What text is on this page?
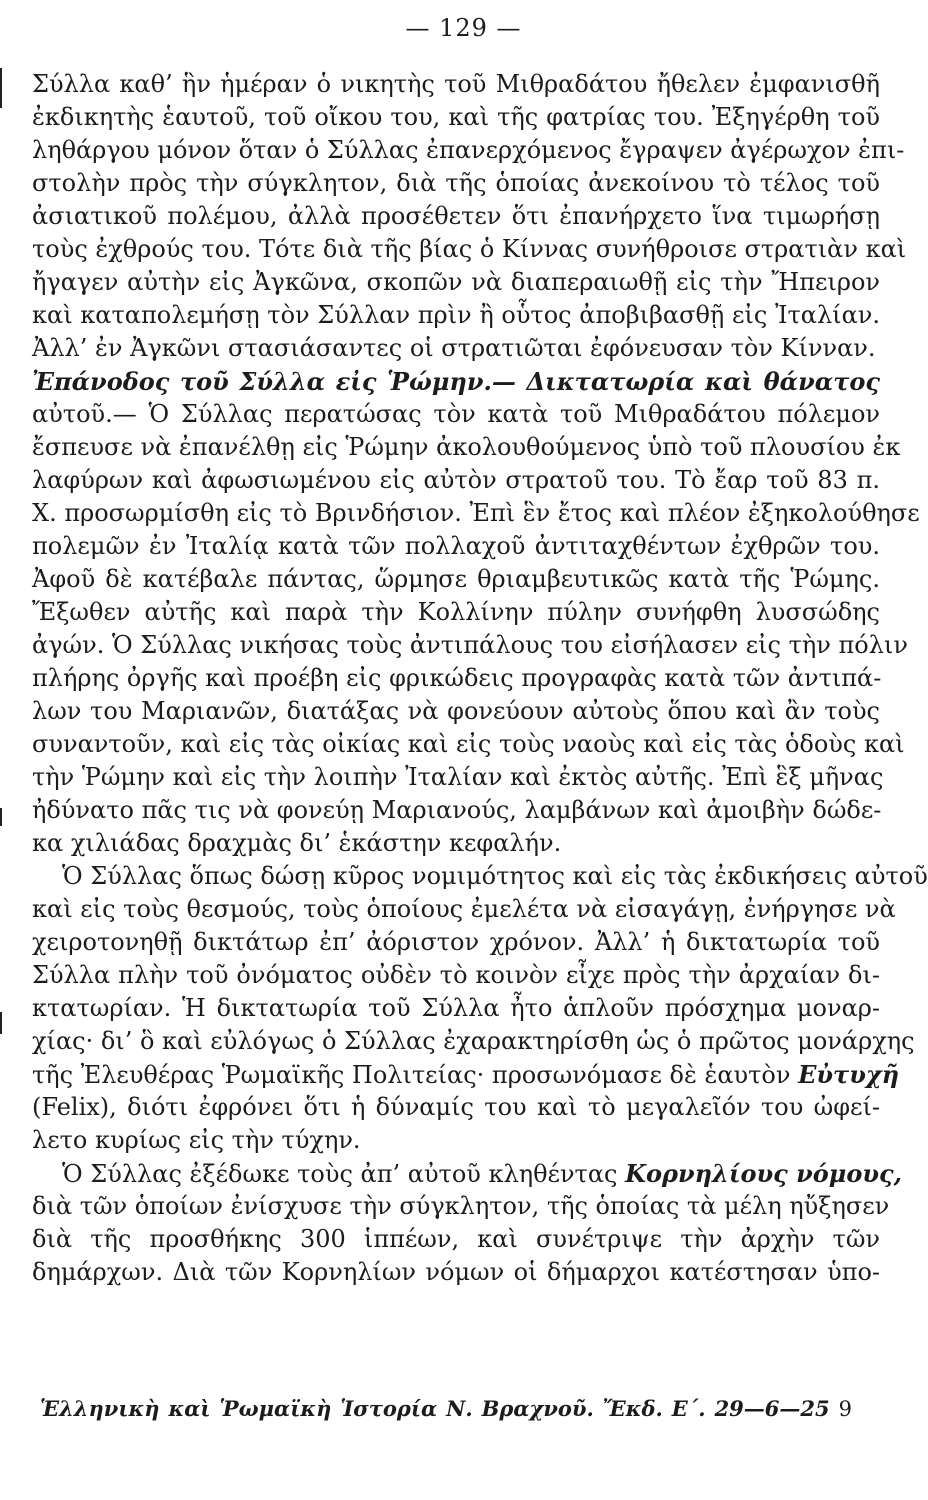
— 129 —
Σύλλα καθ’ ἣν ἡμέραν ὁ νικητὴς τοῦ Μιθραδάτου ἤθελεν ἐμφανισθῆ
ἐκδικητὴς ἑαυτοῦ, τοῦ οἴκου του, καὶ τῆς φατρίας του. Ἐξηγέρθη τοῦ
ληθάργου μόνον ὅταν ὁ Σύλλας ἐπανερχόμενος ἔγραψεν ἀγέρωχον ἐπι-
στολὴν πρὸς τὴν σύγκλητον, διὰ τῆς ὁποίας ἀνεκοίνου τὸ τέλος τοῦ
ἀσιατικοῦ πολέμου, ἀλλὰ προσέθετεν ὅτι ἐπανήρχετο ἵνα τιμωρήσῃ
τοὺς ἐχθρούς του. Τότε διὰ τῆς βίας ὁ Κίννας συνήθροισε στρατιὰν καὶ
ἤγαγεν αὐτὴν εἰς Ἀγκῶνα, σκοπῶν νὰ διαπεραιωθῇ εἰς τὴν Ἤπειρον
καὶ καταπολεμήσῃ τὸν Σύλλαν πρὶν ἢ οὗτος ἀποβιβασθῇ εἰς Ἰταλίαν.
Ἀλλ’ ἐν Ἀγκῶνι στασιάσαντες οἱ στρατιῶται ἐφόνευσαν τὸν Κίνναν.
Ἐπάνοδος τοῦ Σύλλα εἰς Ῥώμην.— Δικτατωρία καὶ θάνατος
αὐτοῦ.— Ὁ Σύλλας περατώσας τὸν κατὰ τοῦ Μιθραδάτου πόλεμον
ἔσπευσε νὰ ἐπανέλθῃ εἰς Ῥώμην ἀκολουθούμενος ὑπὸ τοῦ πλουσίου ἐκ
λαφύρων καὶ ἀφωσιωμένου εἰς αὐτὸν στρατοῦ του. Τὸ ἔαρ τοῦ 83 π.
Χ. προσωρμίσθη εἰς τὸ Βρινδήσιον. Ἐπὶ ἓν ἔτος καὶ πλέον ἐξηκολούθησε
πολεμῶν ἐν Ἰταλίᾳ κατὰ τῶν πολλαχοῦ ἀντιταχθέντων ἐχθρῶν του.
Ἀφοῦ δὲ κατέβαλε πάντας, ὥρμησε θριαμβευτικῶς κατὰ τῆς Ῥώμης.
Ἔξωθεν αὐτῆς καὶ παρὰ τὴν Κολλίνην πύλην συνήφθη λυσσώδης
ἀγών. Ὁ Σύλλας νικήσας τοὺς ἀντιπάλους του εἰσήλασεν εἰς τὴν πόλιν
πλήρης ὀργῆς καὶ προέβη εἰς φρικώδεις προγραφὰς κατὰ τῶν ἀντιπά-
λων του Μαριανῶν, διατάξας νὰ φονεύουν αὐτοὺς ὅπου καὶ ἂν τοὺς
συναντοῦν, καὶ εἰς τὰς οἰκίας καὶ εἰς τοὺς ναοὺς καὶ εἰς τὰς ὁδοὺς καὶ
τὴν Ῥώμην καὶ εἰς τὴν λοιπὴν Ἰταλίαν καὶ ἐκτὸς αὐτῆς. Ἐπὶ ἓξ μῆνας
ἠδύνατο πᾶς τις νὰ φονεύῃ Μαριανούς, λαμβάνων καὶ ἀμοιβὴν δώδε-
κα χιλιάδας δραχμὰς δι’ ἑκάστην κεφαλήν.
Ὁ Σύλλας ὅπως δώσῃ κῦρος νομιμότητος καὶ εἰς τὰς ἐκδικήσεις αὐτοῦ
καὶ εἰς τοὺς θεσμούς, τοὺς ὁποίους ἐμελέτα νὰ εἰσαγάγῃ, ἐνήργησε νὰ
χειροτονηθῇ δικτάτωρ ἐπ’ ἀόριστον χρόνον. Ἀλλ’ ἡ δικτατωρία τοῦ
Σύλλα πλὴν τοῦ ὀνόματος οὐδὲν τὸ κοινὸν εἶχε πρὸς τὴν ἀρχαίαν δι-
κτατωρίαν. Ἡ δικτατωρία τοῦ Σύλλα ἦτο ἁπλοῦν πρόσχημα μοναρ-
χίας· δι’ ὃ καὶ εὐλόγως ὁ Σύλλας ἐχαρακτηρίσθη ὡς ὁ πρῶτος μονάρχης
τῆς Ἐλευθέρας Ῥωμαϊκῆς Πολιτείας· προσωνόμασε δὲ ἑαυτὸν Εὐτυχῆ
(Felix), διότι ἐφρόνει ὅτι ἡ δύναμίς του καὶ τὸ μεγαλεῖόν του ὠφεί-
λετο κυρίως εἰς τὴν τύχην.
Ὁ Σύλλας ἐξέδωκε τοὺς ἀπ’ αὐτοῦ κληθέντας Κορνηλίους νόμους,
διὰ τῶν ὁποίων ἐνίσχυσε τὴν σύγκλητον, τῆς ὁποίας τὰ μέλη ηὔξησεν
διὰ τῆς προσθήκης 300 ἱππέων, καὶ συνέτριψε τὴν ἀρχὴν τῶν
δημάρχων. Διὰ τῶν Κορνηλίων νόμων οἱ δήμαρχοι κατέστησαν ὑπο-
Ἑλληνικὴ καὶ Ῥωμαϊκὴ Ἱστορία Ν. Βραχνοῦ. Ἔκδ. Ε΄. 29—6—25 9
